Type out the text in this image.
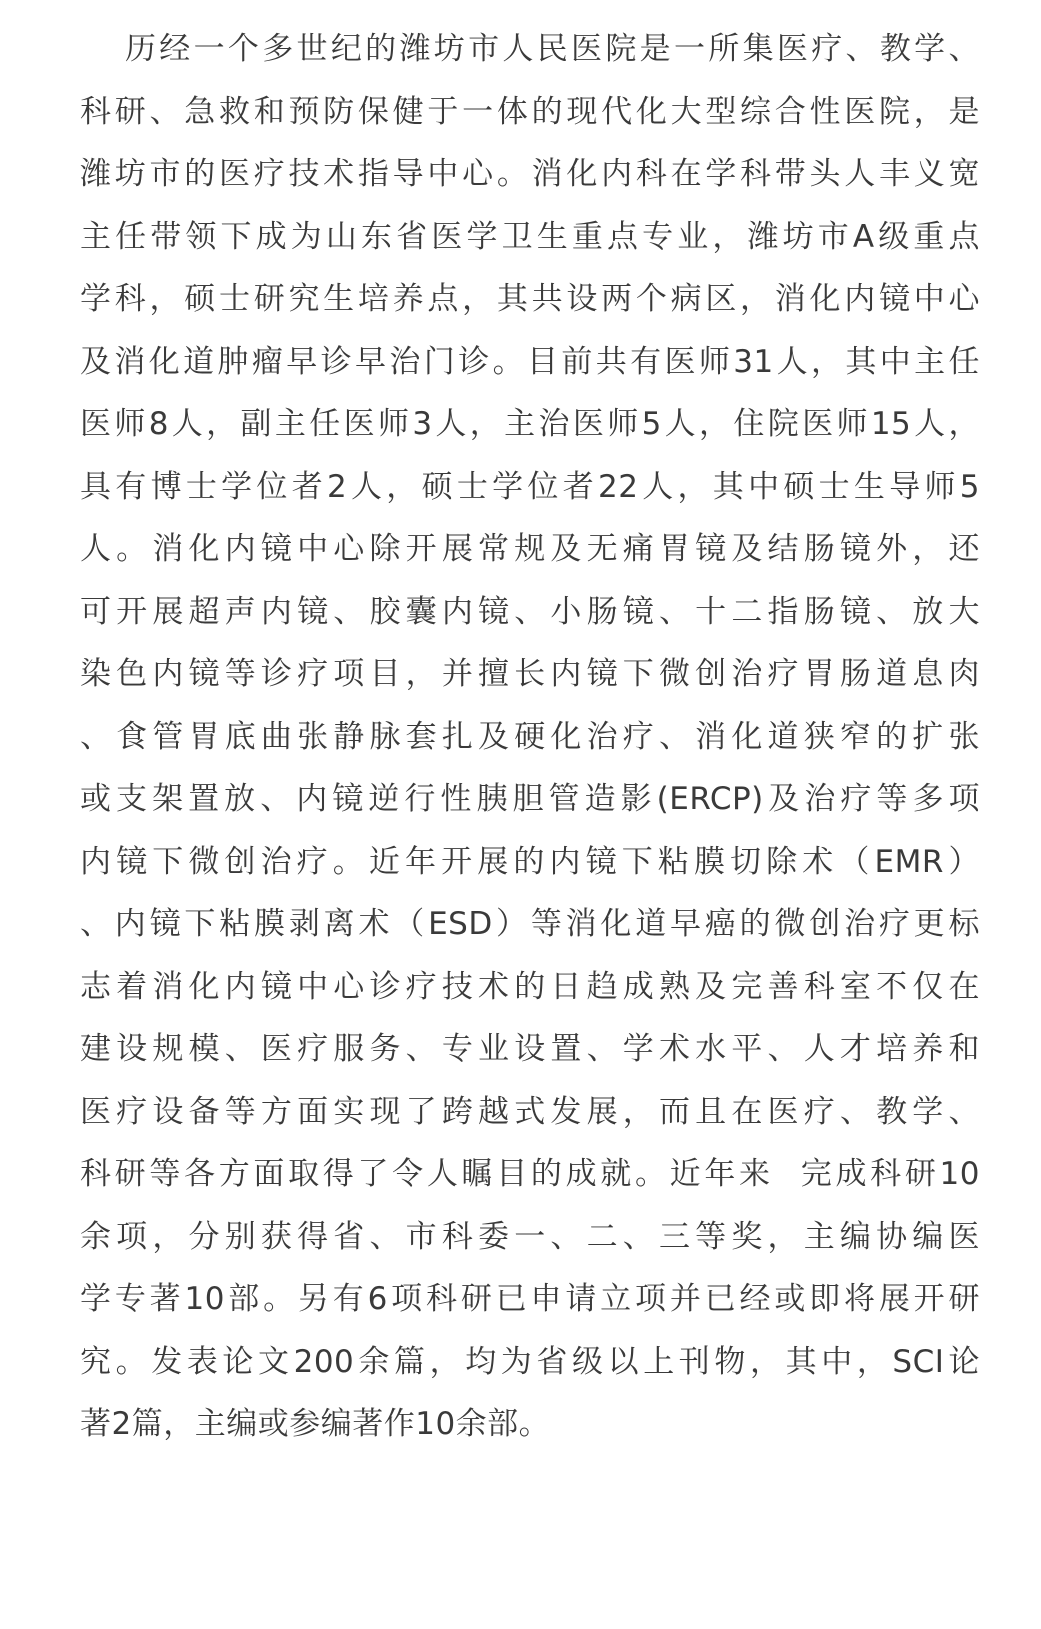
历经一个多世纪的潍坊市人民医院是一所集医疗、教学、
科研、急救和预防保健于一体的现代化大型综合性医院，是
潍坊市的医疗技术指导中心。消化内科在学科带头人丰义宽
主任带领下成为山东省医学卫生重点专业，潍坊市A级重点
学科，硕士研究生培养点，其共设两个病区，消化内镜中心
及消化道肿瘤早诊早治门诊。目前共有医师31人，其中主任
医师8人，副主任医师3人，主治医师5人，住院医师15人，
具有博士学位者2人，硕士学位者22人，其中硕士生导师5
人。消化内镜中心除开展常规及无痛胃镜及结肠镜外，还
可开展超声内镜、胶囊内镜、小肠镜、十二指肠镜、放大
染色内镜等诊疗项目，并擅长内镜下微创治疗胃肠道息肉
、食管胃底曲张静脉套扎及硬化治疗、消化道狭窄的扩张
或支架置放、内镜逆行性胰胆管造影(ERCP)及治疗等多项
内镜下微创治疗。近年开展的内镜下粘膜切除术（EMR）
、内镜下粘膜剥离术（ESD）等消化道早癌的微创治疗更标
志着消化内镜中心诊疗技术的日趋成熟及完善科室不仅在
建设规模、医疗服务、专业设置、学术水平、人才培养和
医疗设备等方面实现了跨越式发展，而且在医疗、教学、
科研等各方面取得了令人瞩目的成就。近年来  完成科研10
余项，分别获得省、市科委一、二、三等奖，主编协编医
学专著10部。另有6项科研已申请立项并已经或即将展开研
究。发表论文200余篇，均为省级以上刊物，其中，SCI论
著2篇，主编或参编著作10余部。
